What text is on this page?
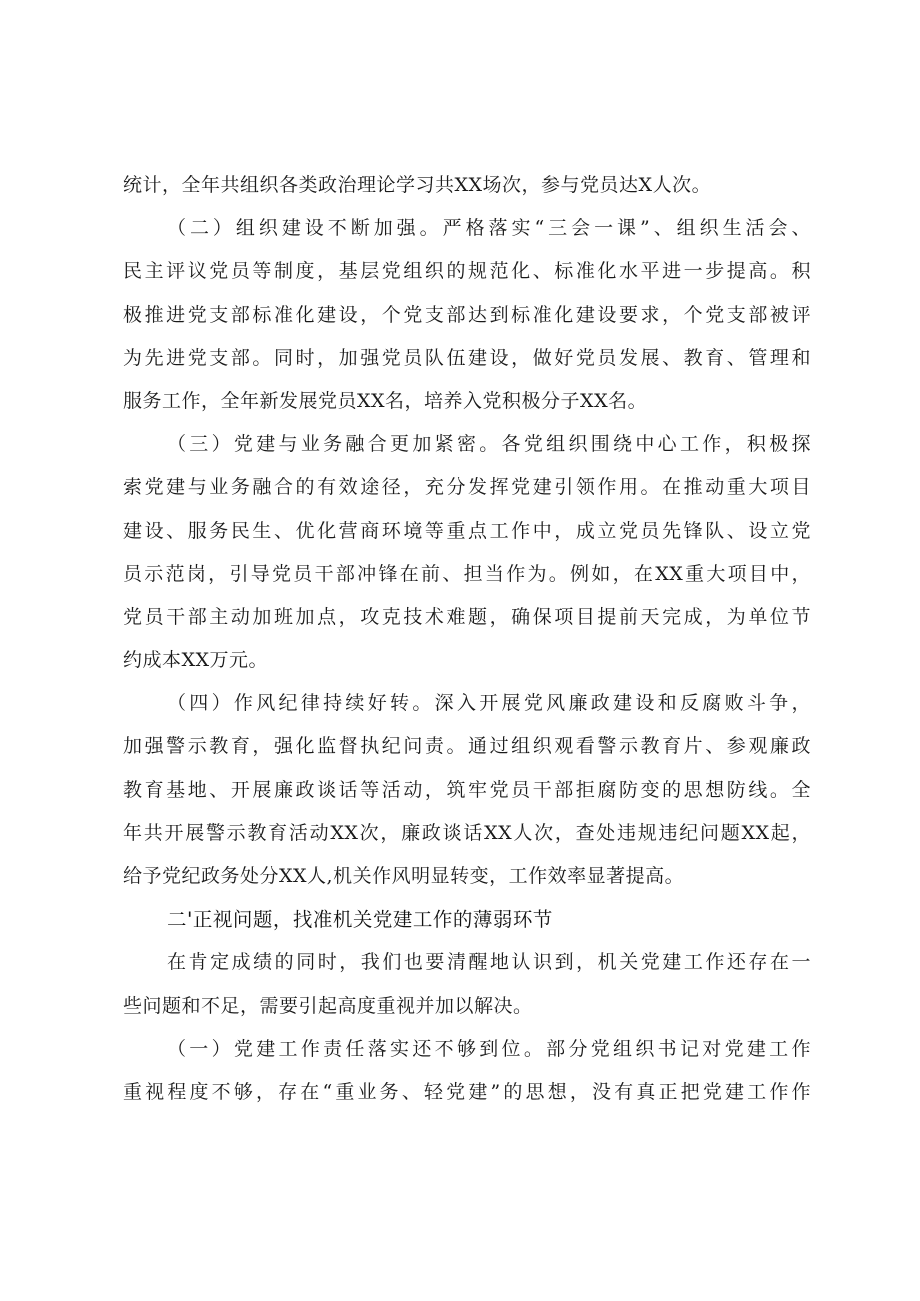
统计，全年共组织各类政治理论学习共XX场次，参与党员达X人次。
（二）组织建设不断加强。严格落实“三会一课”、组织生活会、
民主评议党员等制度，基层党组织的规范化、标准化水平进一步提高。积
极推进党支部标准化建设，个党支部达到标准化建设要求，个党支部被评
为先进党支部。同时，加强党员队伍建设，做好党员发展、教育、管理和
服务工作，全年新发展党员XX名，培养入党积极分子XX名。
（三）党建与业务融合更加紧密。各党组织围绕中心工作，积极探
索党建与业务融合的有效途径，充分发挥党建引领作用。在推动重大项目
建设、服务民生、优化营商环境等重点工作中，成立党员先锋队、设立党
员示范岗，引导党员干部冲锋在前、担当作为。例如，在XX重大项目中，
党员干部主动加班加点，攻克技术难题，确保项目提前天完成，为单位节
约成本XX万元。
（四）作风纪律持续好转。深入开展党风廉政建设和反腐败斗争，
加强警示教育，强化监督执纪问责。通过组织观看警示教育片、参观廉政
教育基地、开展廉政谈话等活动，筑牢党员干部拒腐防变的思想防线。全
年共开展警示教育活动XX次，廉政谈话XX人次，查处违规违纪问题XX起，
给予党纪政务处分XX人,机关作风明显转变，工作效率显著提高。
二'正视问题，找准机关党建工作的薄弱环节
在肯定成绩的同时，我们也要清醒地认识到，机关党建工作还存在一
些问题和不足，需要引起高度重视并加以解决。
（一）党建工作责任落实还不够到位。部分党组织书记对党建工作
重视程度不够，存在“重业务、轻党建”的思想，没有真正把党建工作作
